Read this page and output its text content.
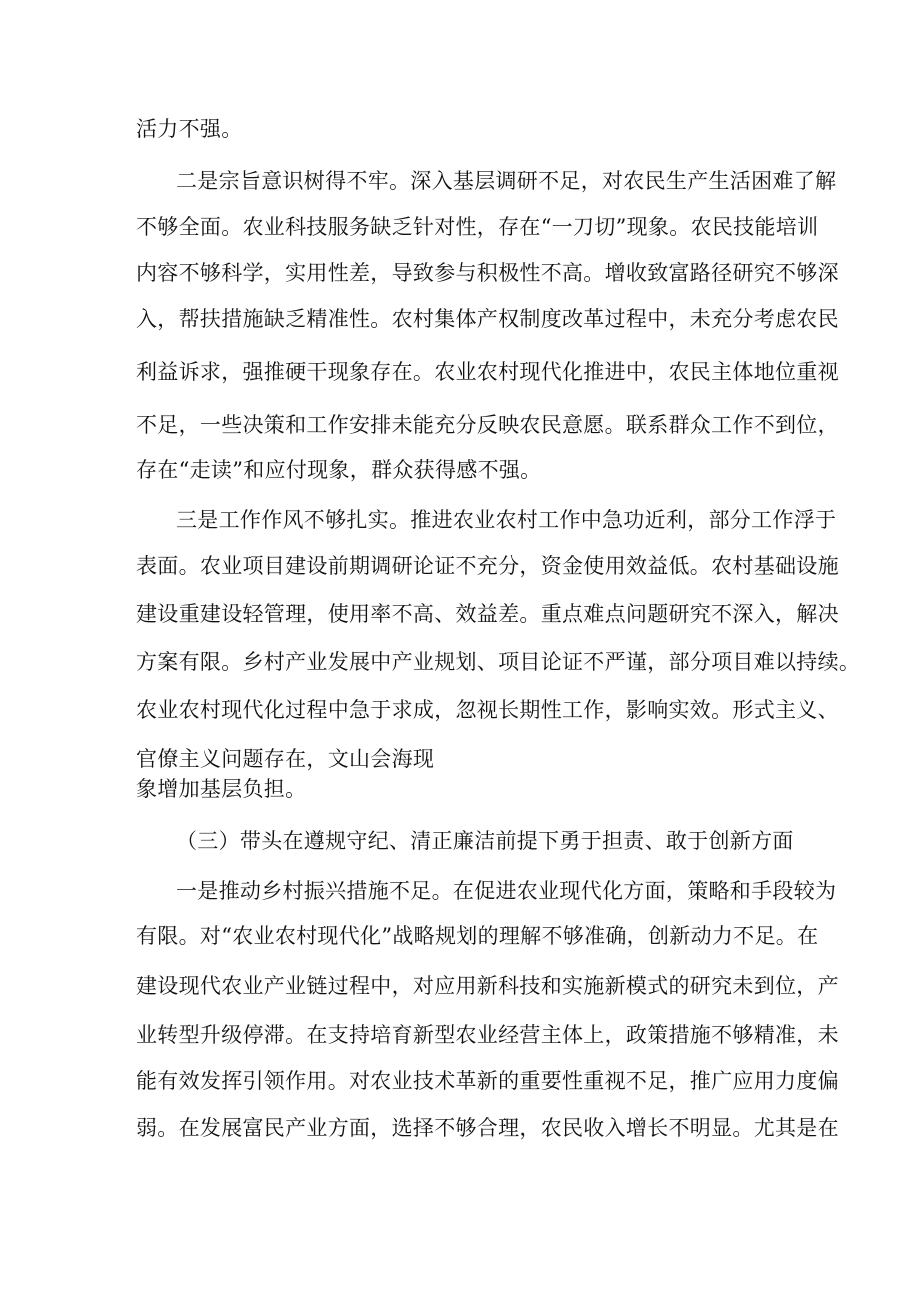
活力不强。
二是宗旨意识树得不牢。深入基层调研不足，对农民生产生活困难了解
不够全面。农业科技服务缺乏针对性，存在“一刀切”现象。农民技能培训
内容不够科学，实用性差，导致参与积极性不高。增收致富路径研究不够深
入，帮扶措施缺乏精准性。农村集体产权制度改革过程中，未充分考虑农民
利益诉求，强推硬干现象存在。农业农村现代化推进中，农民主体地位重视
不足，一些决策和工作安排未能充分反映农民意愿。联系群众工作不到位，
存在“走读”和应付现象，群众获得感不强。
三是工作作风不够扎实。推进农业农村工作中急功近利，部分工作浮于
表面。农业项目建设前期调研论证不充分，资金使用效益低。农村基础设施
建设重建设轻管理，使用率不高、效益差。重点难点问题研究不深入，解决
方案有限。乡村产业发展中产业规划、项目论证不严谨，部分项目难以持续。
农业农村现代化过程中急于求成，忽视长期性工作，影响实效。形式主义、
官僚主义问题存在，文山会海现
象增加基层负担。
（三）带头在遵规守纪、清正廉洁前提下勇于担责、敢于创新方面
一是推动乡村振兴措施不足。在促进农业现代化方面，策略和手段较为
有限。对“农业农村现代化”战略规划的理解不够准确，创新动力不足。在
建设现代农业产业链过程中，对应用新科技和实施新模式的研究未到位，产
业转型升级停滞。在支持培育新型农业经营主体上，政策措施不够精准，未
能有效发挥引领作用。对农业技术革新的重要性重视不足，推广应用力度偏
弱。在发展富民产业方面，选择不够合理，农民收入增长不明显。尤其是在
